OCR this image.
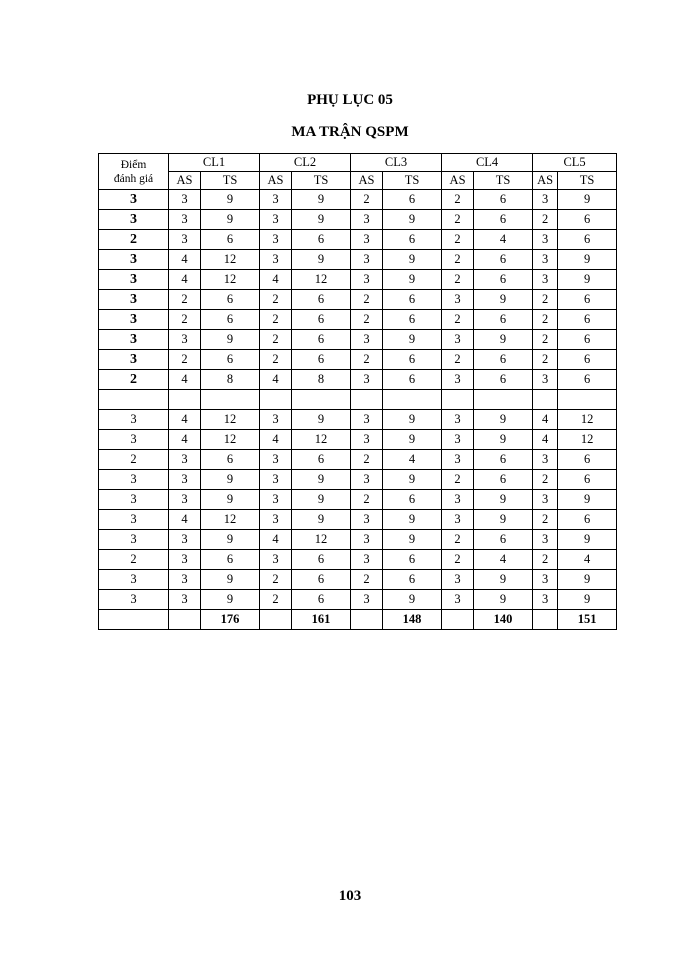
PHỤ LỤC 05
MA TRẬN QSPM
Điểm
đánh giá	CL1		CL2		CL3		CL4		CL5	
	AS	TS	AS	TS	AS	TS	AS	TS	AS	TS
3	3	9	3	9	2	6	2	6	3	9
3	3	9	3	9	3	9	2	6	2	6
2	3	6	3	6	3	6	2	4	3	6
3	4	12	3	9	3	9	2	6	3	9
3	4	12	4	12	3	9	2	6	3	9
3	2	6	2	6	2	6	3	9	2	6
3	2	6	2	6	2	6	2	6	2	6
3	3	9	2	6	3	9	3	9	2	6
3	2	6	2	6	2	6	2	6	2	6
2	4	8	4	8	3	6	3	6	3	6

3	4	12	3	9	3	9	3	9	4	12
3	4	12	4	12	3	9	3	9	4	12
2	3	6	3	6	2	4	3	6	3	6
3	3	9	3	9	3	9	2	6	2	6
3	3	9	3	9	2	6	3	9	3	9
3	4	12	3	9	3	9	3	9	2	6
3	3	9	4	12	3	9	2	6	3	9
2	3	6	3	6	3	6	2	4	2	4
3	3	9	2	6	2	6	3	9	3	9
3	3	9	2	6	3	9	3	9	3	9
		176		161		148		140		151
103
